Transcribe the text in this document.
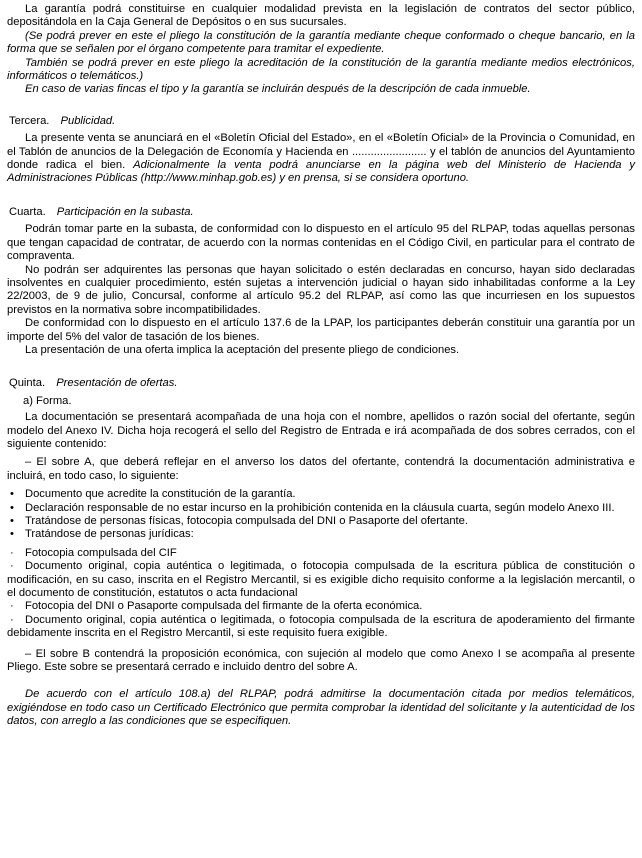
La garantía podrá constituirse en cualquier modalidad prevista en la legislación de contratos del sector público, depositándola en la Caja General de Depósitos o en sus sucursales.

(Se podrá prever en este el pliego la constitución de la garantía mediante cheque conformado o cheque bancario, en la forma que se señalen por el órgano competente para tramitar el expediente.

También se podrá prever en este pliego la acreditación de la constitución de la garantía mediante medios electrónicos, informáticos o telemáticos.)

En caso de varias fincas el tipo y la garantía se incluirán después de la descripción de cada inmueble.

Tercera. Publicidad.

La presente venta se anunciará en el «Boletín Oficial del Estado», en el «Boletín Oficial» de la Provincia o Comunidad, en el Tablón de anuncios de la Delegación de Economía y Hacienda en ........................ y el tablón de anuncios del Ayuntamiento donde radica el bien. Adicionalmente la venta podrá anunciarse en la página web del Ministerio de Hacienda y Administraciones Públicas (http://www.minhap.gob.es) y en prensa, si se considera oportuno.

Cuarta. Participación en la subasta.

Podrán tomar parte en la subasta, de conformidad con lo dispuesto en el artículo 95 del RLPAP, todas aquellas personas que tengan capacidad de contratar, de acuerdo con la normas contenidas en el Código Civil, en particular para el contrato de compraventa.

No podrán ser adquirentes las personas que hayan solicitado o estén declaradas en concurso, hayan sido declaradas insolventes en cualquier procedimiento, estén sujetas a intervención judicial o hayan sido inhabilitadas conforme a la Ley 22/2003, de 9 de julio, Concursal, conforme al artículo 95.2 del RLPAP, así como las que incurriesen en los supuestos previstos en la normativa sobre incompatibilidades.

De conformidad con lo dispuesto en el artículo 137.6 de la LPAP, los participantes deberán constituir una garantía por un importe del 5% del valor de tasación de los bienes.

La presentación de una oferta implica la aceptación del presente pliego de condiciones.

Quinta. Presentación de ofertas.

a) Forma.

La documentación se presentará acompañada de una hoja con el nombre, apellidos o razón social del ofertante, según modelo del Anexo IV. Dicha hoja recogerá el sello del Registro de Entrada e irá acompañada de dos sobres cerrados, con el siguiente contenido:

– El sobre A, que deberá reflejar en el anverso los datos del ofertante, contendrá la documentación administrativa e incluirá, en todo caso, lo siguiente:

• Documento que acredite la constitución de la garantía.

• Declaración responsable de no estar incurso en la prohibición contenida en la cláusula cuarta, según modelo Anexo III.

• Tratándose de personas físicas, fotocopia compulsada del DNI o Pasaporte del ofertante.

• Tratándose de personas jurídicas:

· Fotocopia compulsada del CIF

· Documento original, copia auténtica o legitimada, o fotocopia compulsada de la escritura pública de constitución o modificación, en su caso, inscrita en el Registro Mercantil, si es exigible dicho requisito conforme a la legislación mercantil, o el documento de constitución, estatutos o acta fundacional

· Fotocopia del DNI o Pasaporte compulsada del firmante de la oferta económica.

· Documento original, copia auténtica o legitimada, o fotocopia compulsada de la escritura de apoderamiento del firmante debidamente inscrita en el Registro Mercantil, si este requisito fuera exigible.

– El sobre B contendrá la proposición económica, con sujeción al modelo que como Anexo I se acompaña al presente Pliego. Este sobre se presentará cerrado e incluido dentro del sobre A.

De acuerdo con el artículo 108.a) del RLPAP, podrá admitirse la documentación citada por medios telemáticos, exigiéndose en todo caso un Certificado Electrónico que permita comprobar la identidad del solicitante y la autenticidad de los datos, con arreglo a las condiciones que se especifiquen.
